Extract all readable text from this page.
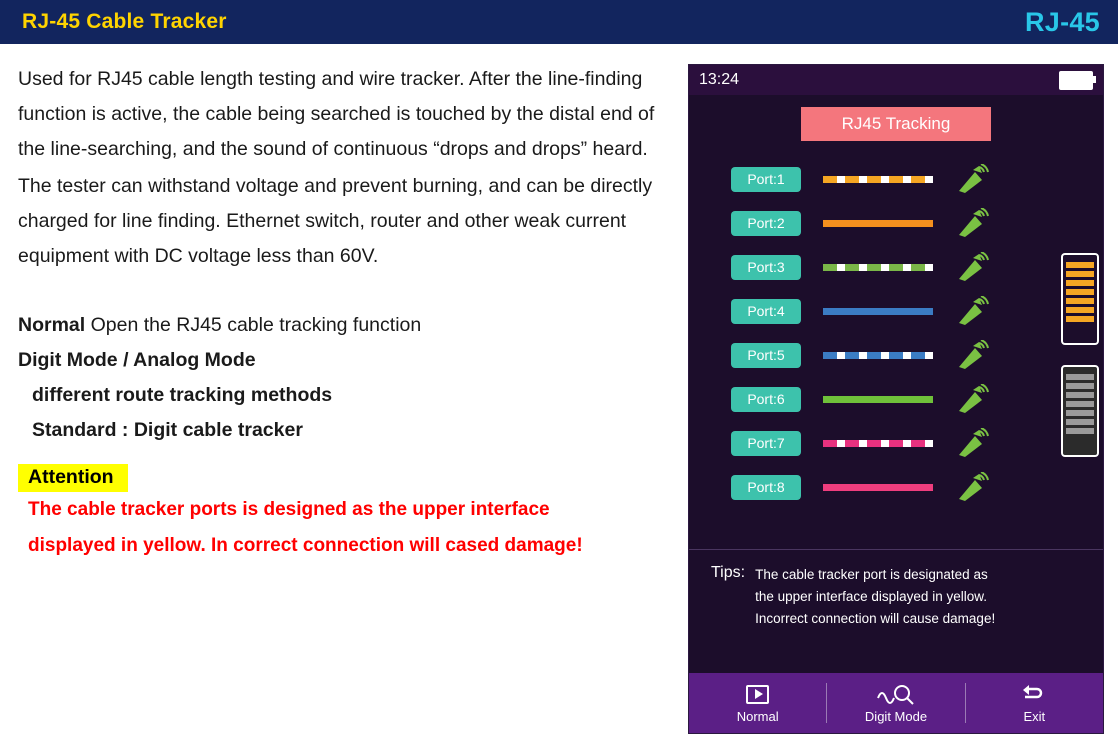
RJ-45 Cable Tracker	RJ-45
Used for RJ45 cable length testing and wire tracker. After the line-finding function is active, the cable being searched is touched by the distal end of the line-searching, and the sound of continuous “drops and drops” heard.
The tester can withstand voltage and prevent burning, and can be directly charged for line finding. Ethernet switch, router and other weak current equipment with DC voltage less than 60V.
Normal Open the RJ45 cable tracking function
Digit Mode / Analog Mode
different route tracking methods
Standard : Digit cable tracker
Attention
The cable tracker ports is designed as the upper interface
displayed in yellow. In correct connection will cased damage!
13:24
RJ45 Tracking
Port:1
Port:2
Port:3
Port:4
Port:5
Port:6
Port:7
Port:8
Tips: The cable tracker port is designated as
the upper interface displayed in yellow.
Incorrect connection will cause damage!
Normal	Digit Mode	Exit
